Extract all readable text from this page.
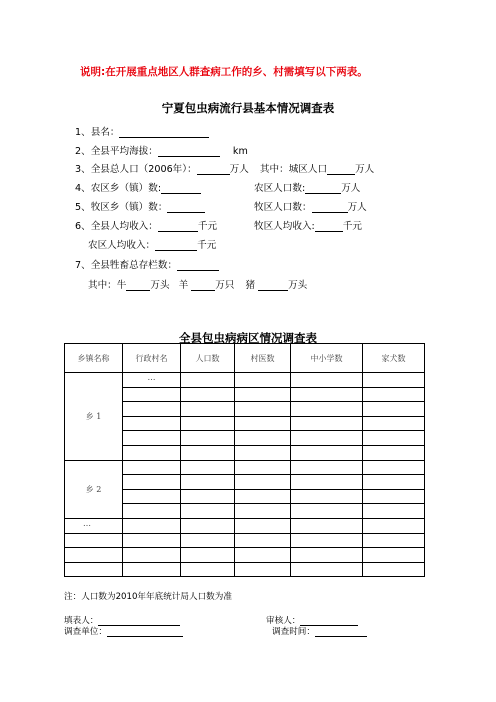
说明:在开展重点地区人群查病工作的乡、村需填写以下两表。
宁夏包虫病流行县基本情况调查表
1、县名：
2、全县平均海拔：	km
3、全县总人口（2006年）：	万人 其中：城区人口	万人
4、农区乡（镇）数:	农区人口数:	万人
5、牧区乡（镇）数：	牧区人口数：	万人
6、全县人均收入：	千元	牧区人均收入:	千元
农区人均收入：	千元
7、全县牲畜总存栏数：
其中：牛	万头 羊	万只 猪	万头
全县包虫病病区情况调查表
乡镇名称	行政村名	人口数	村医数	中小学数	家犬数
乡 1	…				

乡 2					

…					

注：人口数为2010年年底统计局人口数为准
填表人：	审核人：
调查单位：	调查时间：
